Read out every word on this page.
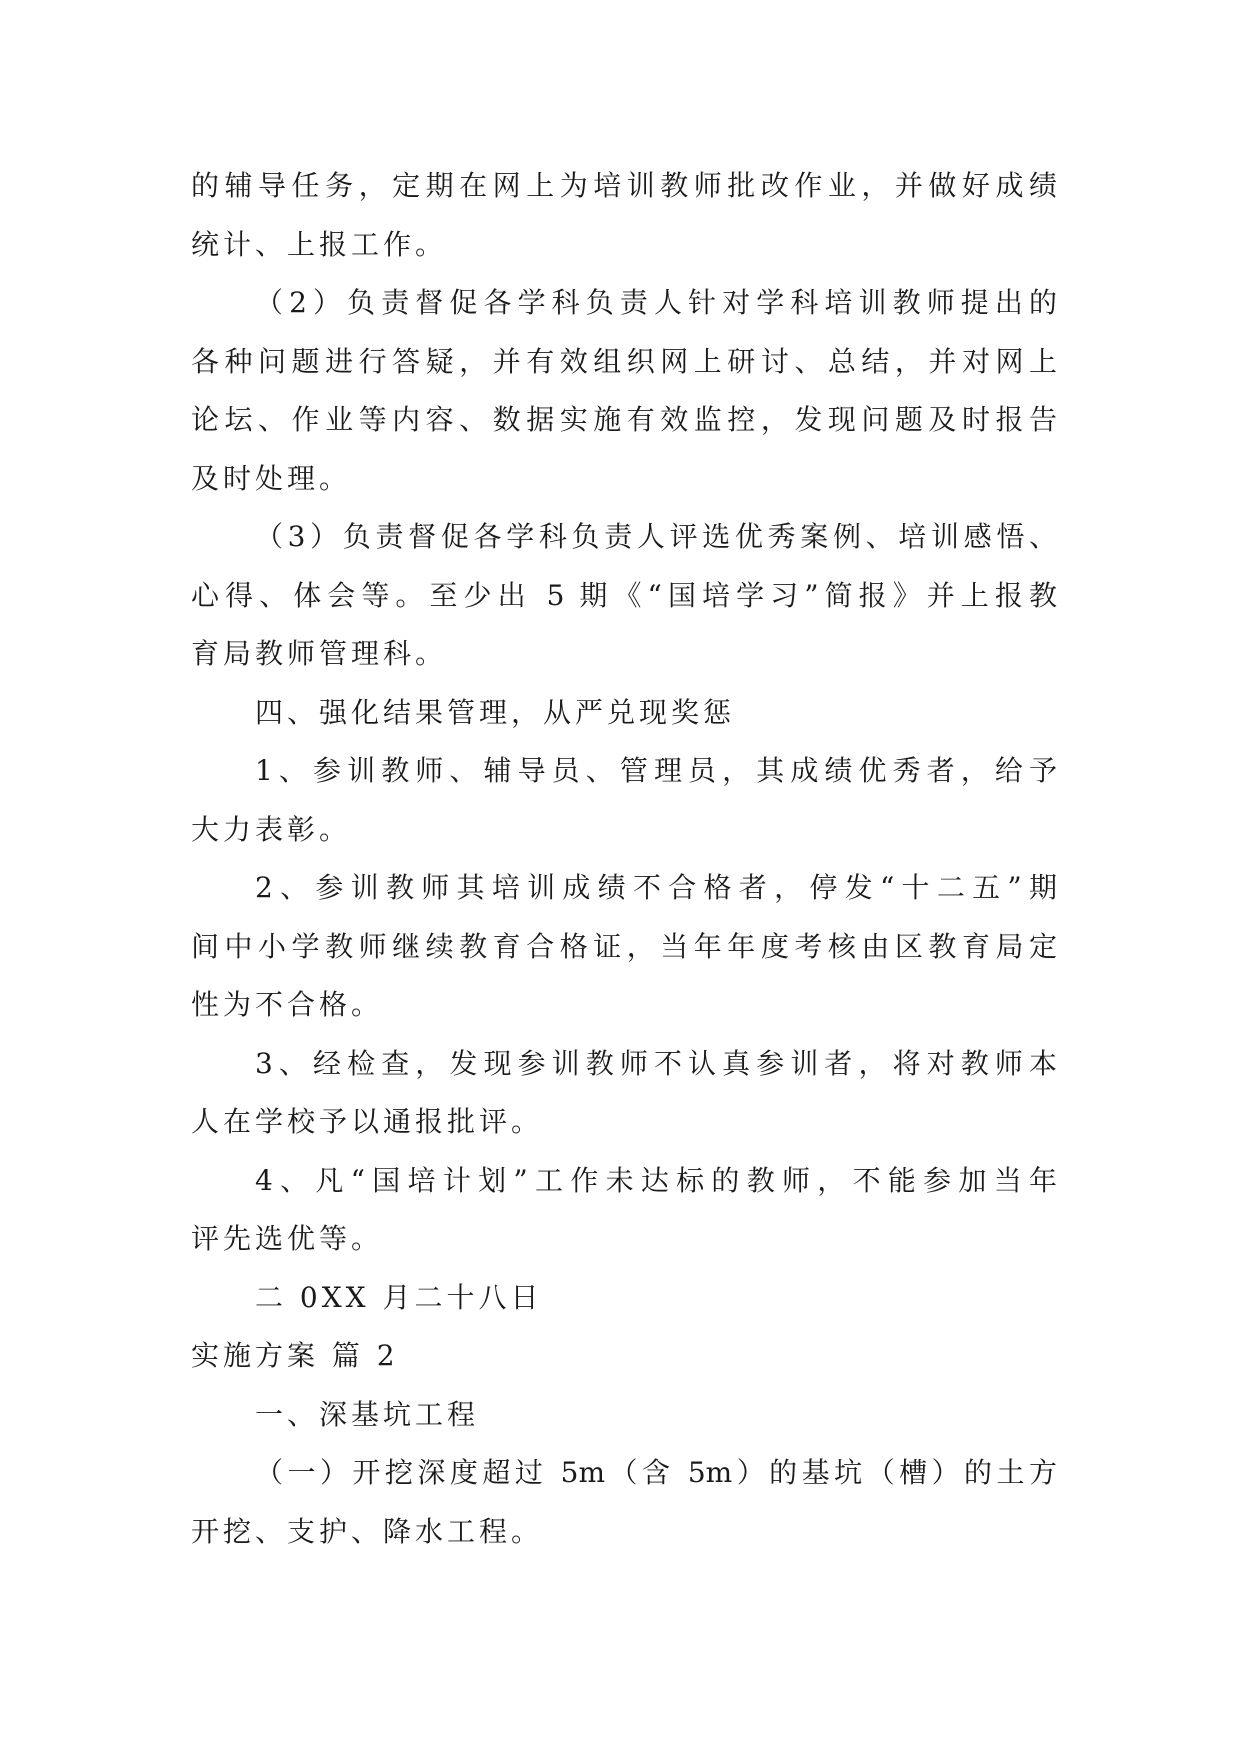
的辅导任务，定期在网上为培训教师批改作业，并做好成绩
统计、上报工作。
（2）负责督促各学科负责人针对学科培训教师提出的
各种问题进行答疑，并有效组织网上研讨、总结，并对网上
论坛、作业等内容、数据实施有效监控，发现问题及时报告
及时处理。
（3）负责督促各学科负责人评选优秀案例、培训感悟、
心得、体会等。至少出 5 期《“国培学习”简报》并上报教
育局教师管理科。
四、强化结果管理，从严兑现奖惩
1、参训教师、辅导员、管理员，其成绩优秀者，给予
大力表彰。
2、参训教师其培训成绩不合格者，停发“十二五”期
间中小学教师继续教育合格证，当年年度考核由区教育局定
性为不合格。
3、经检查，发现参训教师不认真参训者，将对教师本
人在学校予以通报批评。
4、凡“国培计划”工作未达标的教师，不能参加当年
评先选优等。
二 0XX 月二十八日
实施方案 篇 2
一、深基坑工程
（一）开挖深度超过 5m（含 5m）的基坑（槽）的土方
开挖、支护、降水工程。
